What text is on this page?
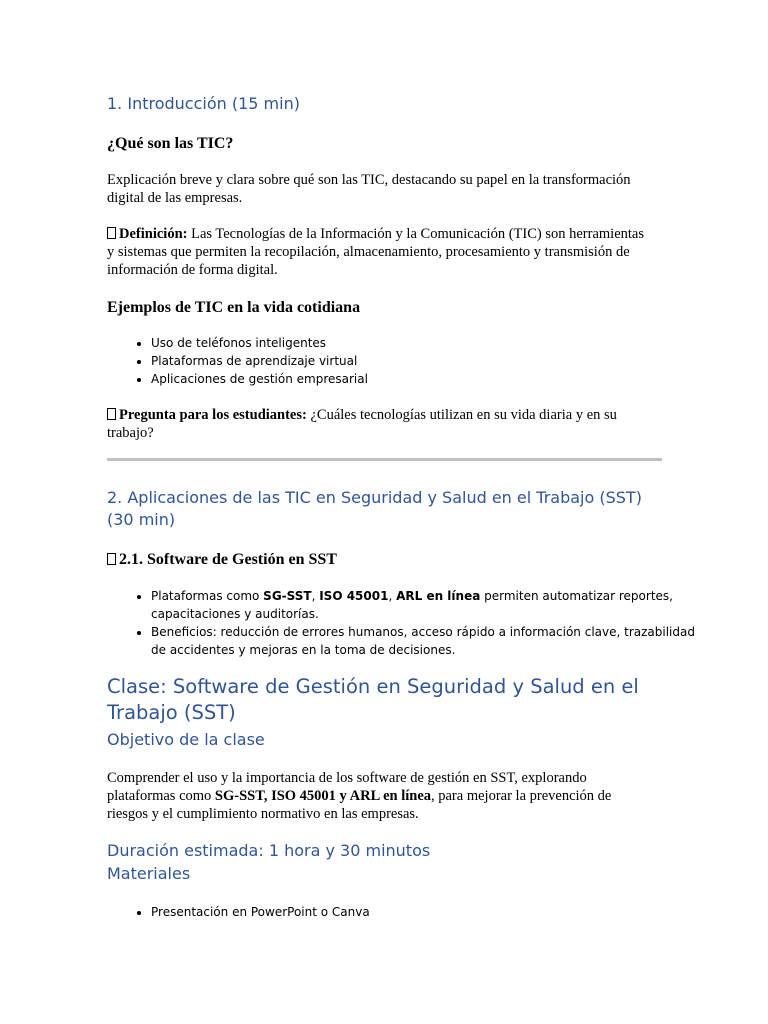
1. Introducción (15 min)
¿Qué son las TIC?

Explicación breve y clara sobre qué son las TIC, destacando su papel en la transformación digital de las empresas.

Definición: Las Tecnologías de la Información y la Comunicación (TIC) son herramientas y sistemas que permiten la recopilación, almacenamiento, procesamiento y transmisión de información de forma digital.

Ejemplos de TIC en la vida cotidiana
• Uso de teléfonos inteligentes
• Plataformas de aprendizaje virtual
• Aplicaciones de gestión empresarial

Pregunta para los estudiantes: ¿Cuáles tecnologías utilizan en su vida diaria y en su trabajo?

2. Aplicaciones de las TIC en Seguridad y Salud en el Trabajo (SST) (30 min)
2.1. Software de Gestión en SST
• Plataformas como SG-SST, ISO 45001, ARL en línea permiten automatizar reportes, capacitaciones y auditorías.
• Beneficios: reducción de errores humanos, acceso rápido a información clave, trazabilidad de accidentes y mejoras en la toma de decisiones.
Clase: Software de Gestión en Seguridad y Salud en el Trabajo (SST)
Objetivo de la clase

Comprender el uso y la importancia de los software de gestión en SST, explorando plataformas como SG-SST, ISO 45001 y ARL en línea, para mejorar la prevención de riesgos y el cumplimiento normativo en las empresas.

Duración estimada: 1 hora y 30 minutos
Materiales
• Presentación en PowerPoint o Canva
